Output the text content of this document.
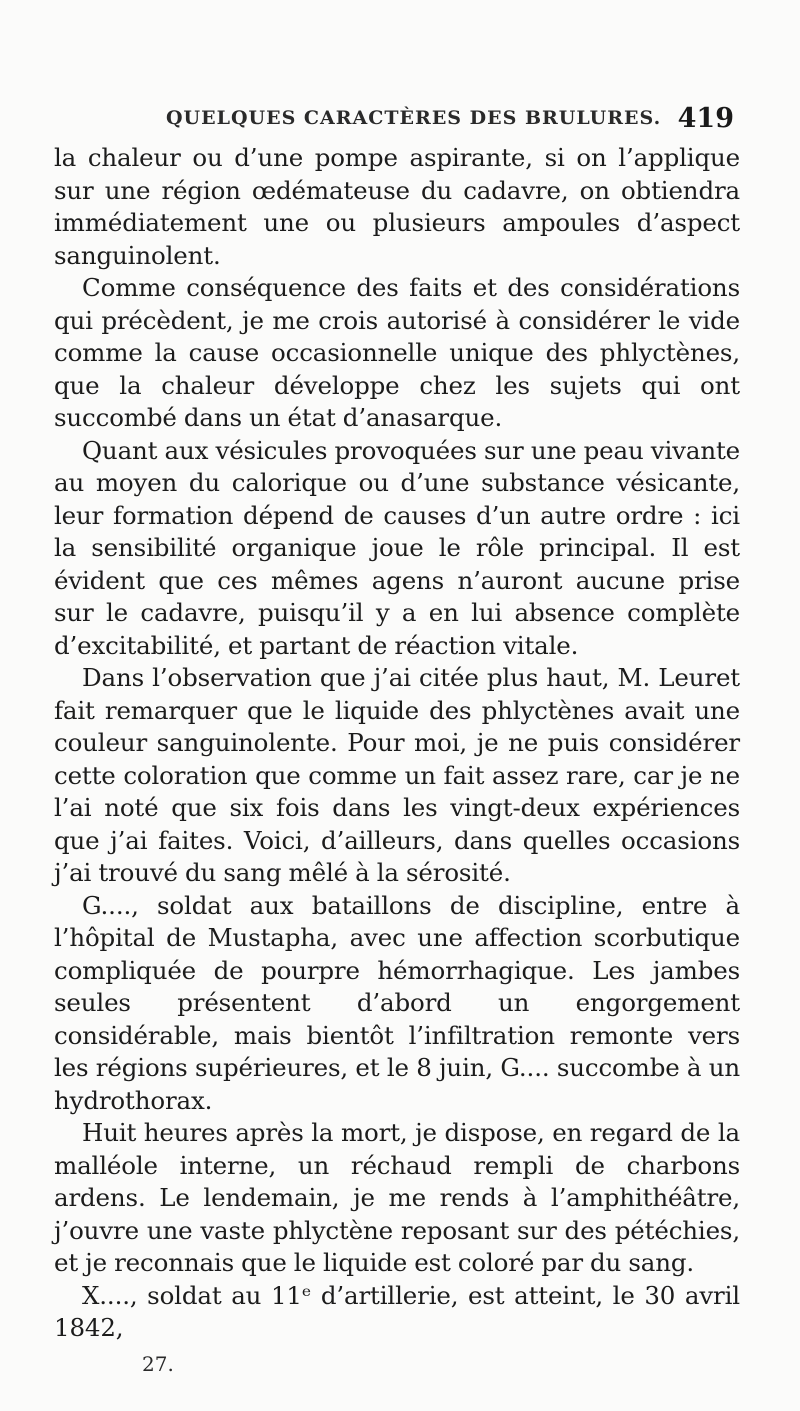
QUELQUES CARACTÈRES DES BRULURES. 419

la chaleur ou d’une pompe aspirante, si on l’applique sur une région œdémateuse du cadavre, on obtiendra immédiatement une ou plusieurs ampoules d’aspect sanguinolent.

Comme conséquence des faits et des considérations qui précèdent, je me crois autorisé à considérer le vide comme la cause occasionnelle unique des phlyctènes, que la chaleur développe chez les sujets qui ont succombé dans un état d’anasarque.

Quant aux vésicules provoquées sur une peau vivante au moyen du calorique ou d’une substance vésicante, leur formation dépend de causes d’un autre ordre : ici la sensibilité organique joue le rôle principal. Il est évident que ces mêmes agens n’auront aucune prise sur le cadavre, puisqu’il y a en lui absence complète d’excitabilité, et partant de réaction vitale.

Dans l’observation que j’ai citée plus haut, M. Leuret fait remarquer que le liquide des phlyctènes avait une couleur sanguinolente. Pour moi, je ne puis considérer cette coloration que comme un fait assez rare, car je ne l’ai noté que six fois dans les vingt-deux expériences que j’ai faites. Voici, d’ailleurs, dans quelles occasions j’ai trouvé du sang mêlé à la sérosité.

G...., soldat aux bataillons de discipline, entre à l’hôpital de Mustapha, avec une affection scorbutique compliquée de pourpre hémorrhagique. Les jambes seules présentent d’abord un engorgement considérable, mais bientôt l’infiltration remonte vers les régions supérieures, et le 8 juin, G.... succombe à un hydrothorax.

Huit heures après la mort, je dispose, en regard de la malléole interne, un réchaud rempli de charbons ardens. Le lendemain, je me rends à l’amphithéâtre, j’ouvre une vaste phlyctène reposant sur des pétéchies, et je reconnais que le liquide est coloré par du sang.

X...., soldat au 11ᵉ d’artillerie, est atteint, le 30 avril 1842,

27.
